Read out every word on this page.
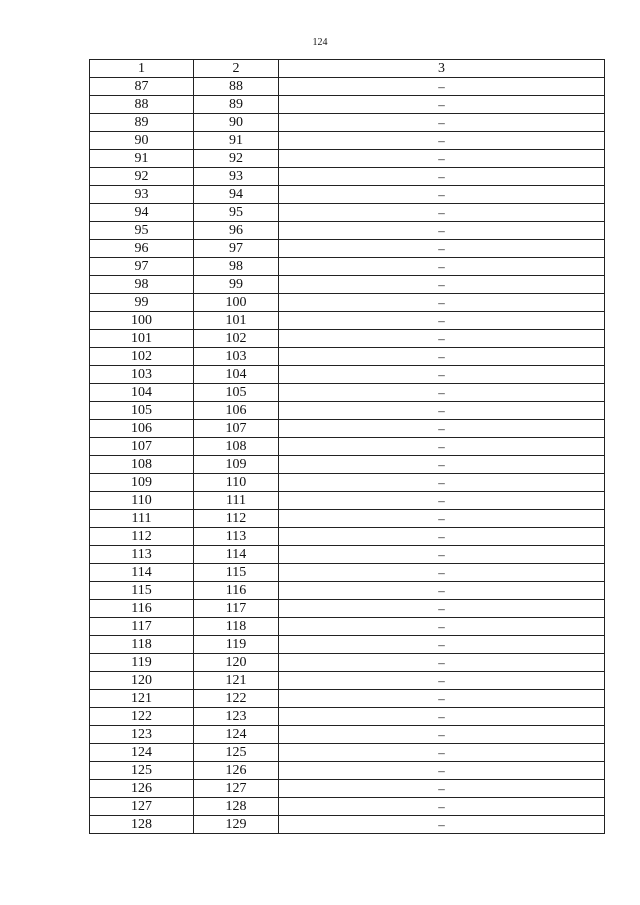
124
1	2	3
87	88	–
88	89	–
89	90	–
90	91	–
91	92	–
92	93	–
93	94	–
94	95	–
95	96	–
96	97	–
97	98	–
98	99	–
99	100	–
100	101	–
101	102	–
102	103	–
103	104	–
104	105	–
105	106	–
106	107	–
107	108	–
108	109	–
109	110	–
110	111	–
111	112	–
112	113	–
113	114	–
114	115	–
115	116	–
116	117	–
117	118	–
118	119	–
119	120	–
120	121	–
121	122	–
122	123	–
123	124	–
124	125	–
125	126	–
126	127	–
127	128	–
128	129	–
